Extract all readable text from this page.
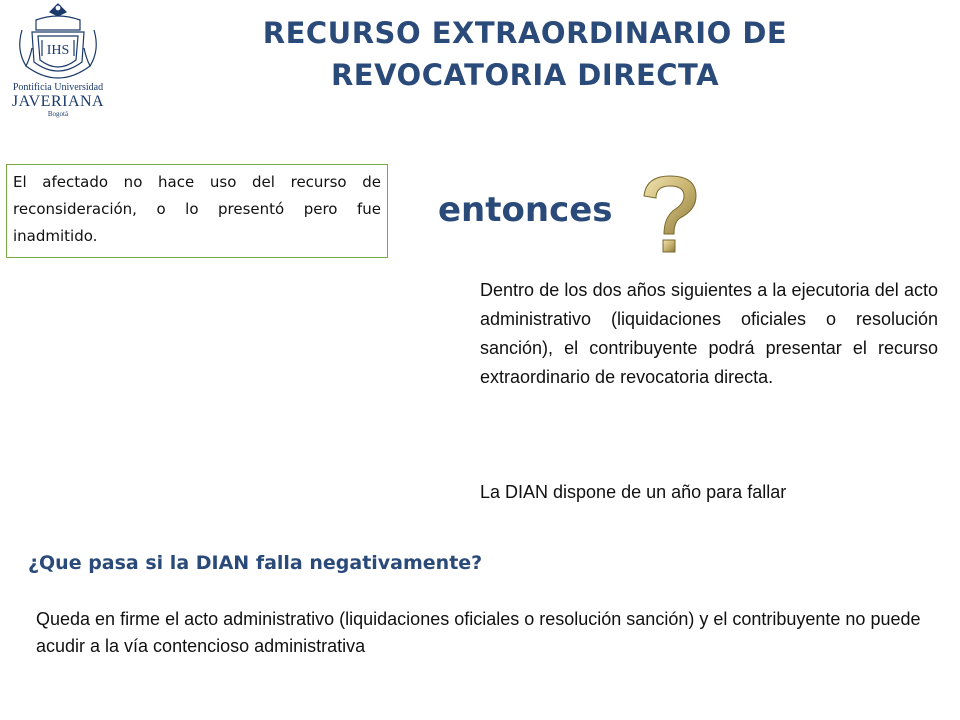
IHS
Pontificia Universidad
JAVERIANA
Bogotá
RECURSO EXTRAORDINARIO DE REVOCATORIA DIRECTA
El afectado no hace uso del recurso de reconsideración, o lo presentó pero fue inadmitido.
entonces
Dentro de los dos años siguientes a la ejecutoria del acto administrativo (liquidaciones oficiales o resolución sanción), el contribuyente podrá presentar el recurso extraordinario de revocatoria directa.
La DIAN dispone de un año para fallar
¿Que pasa si la DIAN falla negativamente?
Queda en firme el acto administrativo (liquidaciones oficiales o resolución sanción) y el contribuyente no puede acudir a la vía contencioso administrativa
